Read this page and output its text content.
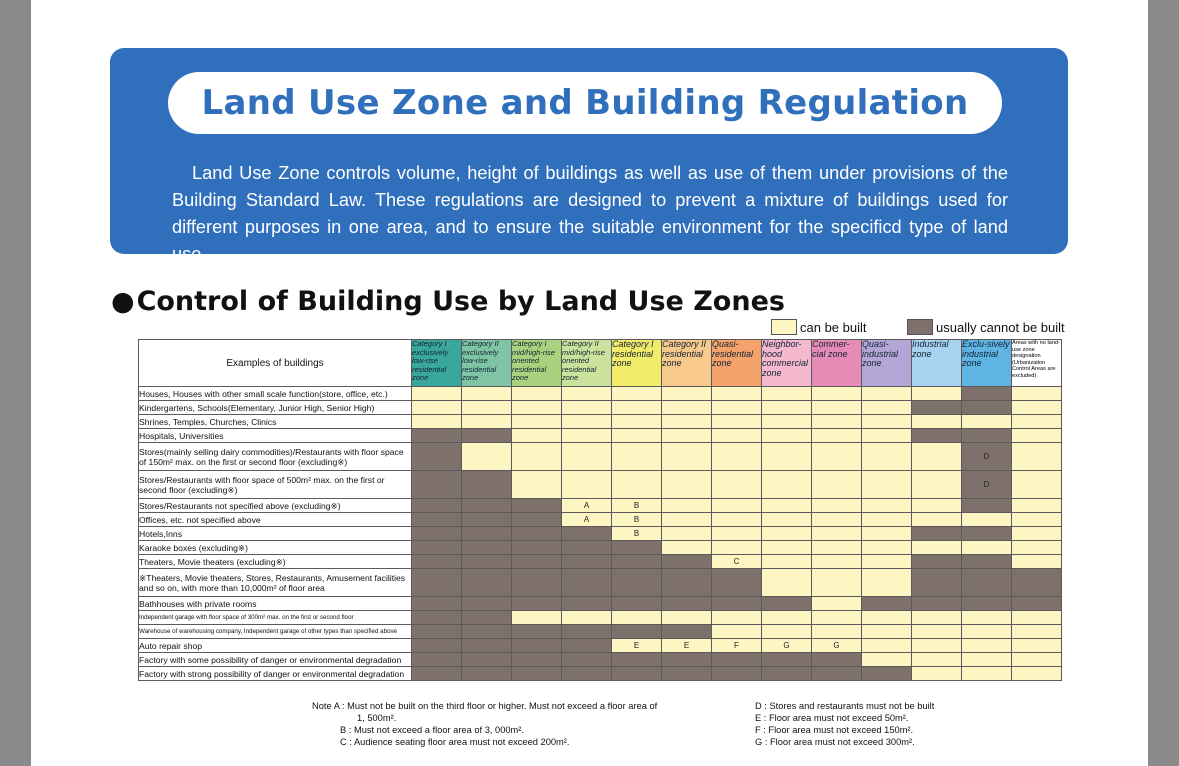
Land Use Zone and Building Regulation
Land Use Zone controls volume, height of buildings as well as use of them under provisions of the Building Standard Law. These regulations are designed to prevent a mixture of buildings used for different purposes in one area, and to ensure the suitable environment for the specificd type of land use.
●Control of Building Use by Land Use Zones
can be built	usually cannot be built
Examples of buildings	Category I exclusively low-rise residential zone	Category II exclusively low-rise residential zone	Category I mid/high-rise oriented residential zone	Category II mid/high-rise oriented residential zone	Category I residential zone	Category II residential zone	Quasi-residential zone	Neighbor-hood commercial zone	Commer-cial zone	Quasi-industrial zone	Industrial zone	Exclu-sively industrial zone	Areas with no land-use zone designation (Urbanization Control Areas are excluded)
Houses, Houses with other small scale function(store, office, etc.)													
Kindergartens, Schools(Elementary, Junior High, Senior High)													
Shrines, Temples, Churches, Clinics													
Hospitals, Universities													
Stores(mainly selling dairy commodities)/Restaurants with floor space of 150m² max. on the first or second floor (excluding※)												D	
Stores/Restaurants with floor space of 500m² max. on the first or second floor (excluding※)												D	
Stores/Restaurants not specified above (excluding※)				A	B								
Offices, etc. not specified above				A	B								
Hotels,Inns					B								
Karaoke boxes (excluding※)													
Theaters, Movie theaters (excluding※)							C						
※Theaters, Movie theaters, Stores, Restaurants, Amusement facilities and so on, with more than 10,000m² of floor area													
Bathhouses with private rooms													
Independent garage with floor space of 300m² max. on the first or second floor													
Warehouse of warehousing company, Independent garage of other types than specified above													
Auto repair shop					E	E	F	G	G				
Factory with some possibility of danger or environmental degradation													
Factory with strong possibility of danger or environmental degradation													
Note A : Must not be built on the third floor or higher. Must not exceed a floor area of
1, 500m².
B : Must not exceed a floor area of 3, 000m².
C : Audience seating floor area must not exceed 200m².
D : Stores and restaurants must not be built
E : Floor area must not exceed 50m².
F : Floor area must not exceed 150m².
G : Floor area must not exceed 300m².
